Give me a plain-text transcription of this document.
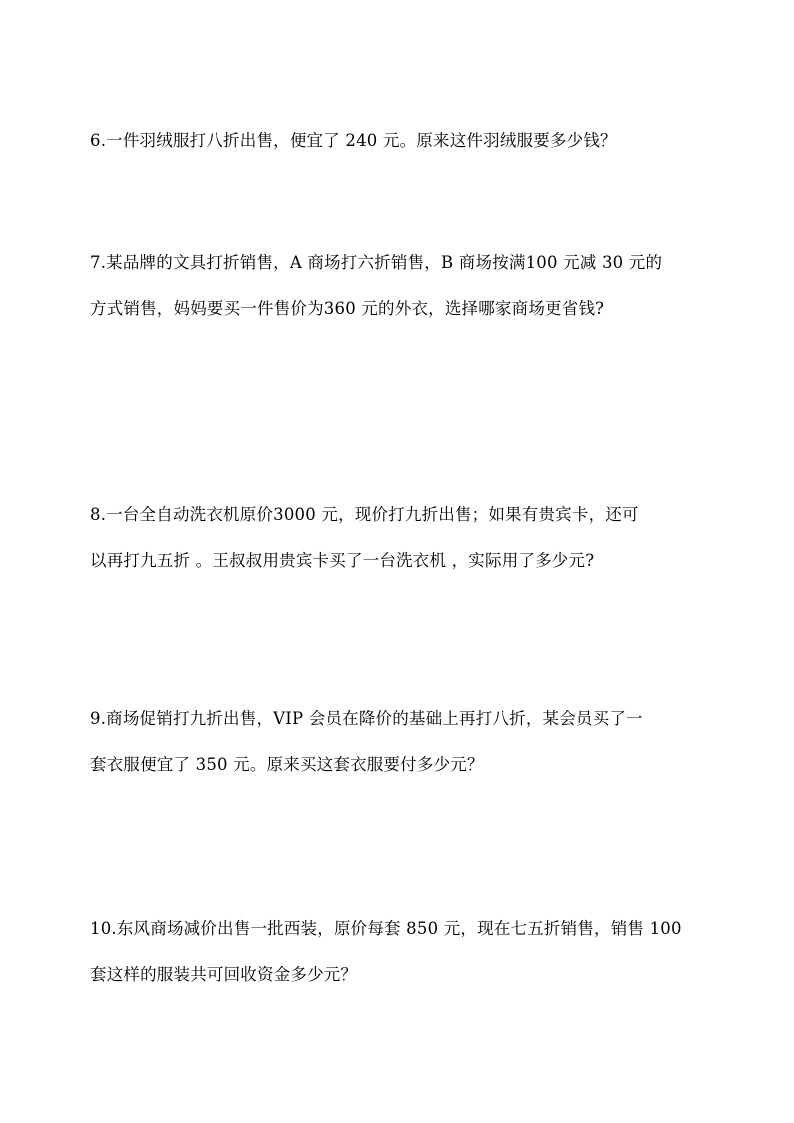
6.一件羽绒服打八折出售，便宜了 240 元。原来这件羽绒服要多少钱？
7.某品牌的文具打折销售，A 商场打六折销售，B 商场按满100 元减 30 元的
方式销售，妈妈要买一件售价为360 元的外衣，选择哪家商场更省钱?
8.一台全自动洗衣机原价3000 元，现价打九折出售；如果有贵宾卡，还可
以再打九五折 。王叔叔用贵宾卡买了一台洗衣机 ，实际用了多少元?
9.商场促销打九折出售，VIP 会员在降价的基础上再打八折，某会员买了一
套衣服便宜了 350 元。原来买这套衣服要付多少元？
10.东风商场减价出售一批西装，原价每套 850 元，现在七五折销售，销售 100
套这样的服装共可回收资金多少元？
